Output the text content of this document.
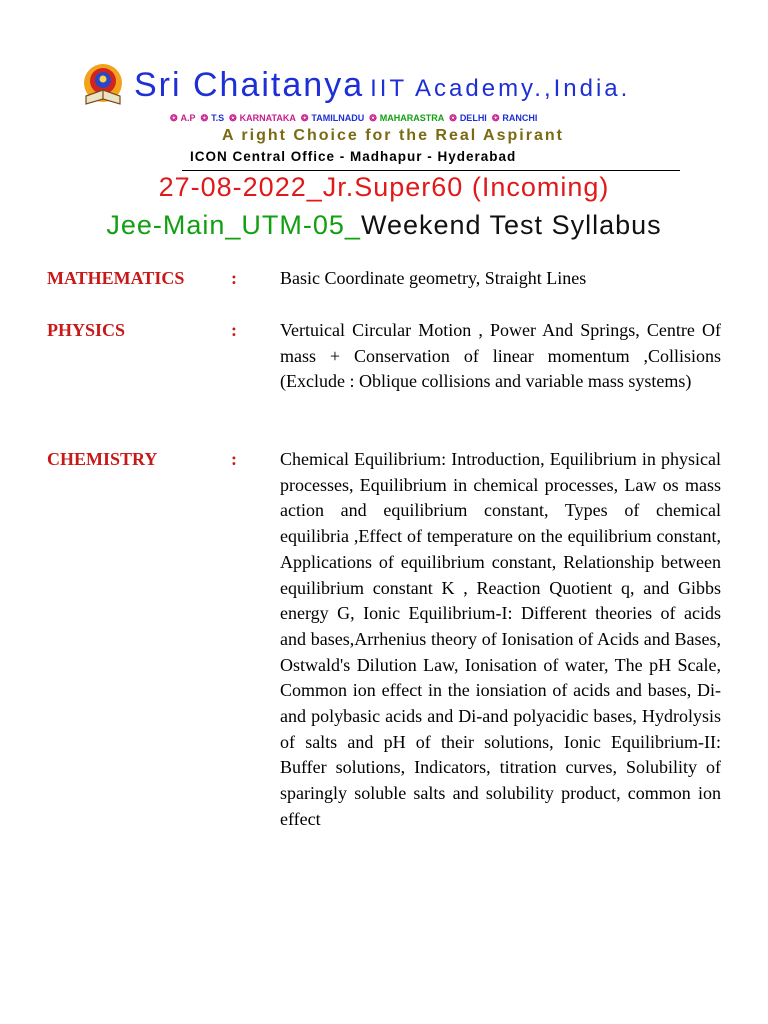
Sri Chaitanya IIT Academy.,India.
❂ A.P ❂ T.S ❂ KARNATAKA ❂ TAMILNADU ❂ MAHARASTRA ❂ DELHI ❂ RANCHI
A right Choice for the Real Aspirant
ICON Central Office - Madhapur - Hyderabad
27-08-2022_Jr.Super60 (Incoming)
Jee-Main_UTM-05_Weekend Test Syllabus
MATHEMATICS	: Basic Coordinate geometry, Straight Lines
PHYSICS	: Vertuical Circular Motion , Power And Springs, Centre Of mass + Conservation of linear momentum ,Collisions (Exclude : Oblique collisions and variable mass systems)
CHEMISTRY	: Chemical Equilibrium: Introduction, Equilibrium in physical processes, Equilibrium in chemical processes, Law os mass action and equilibrium constant, Types of chemical equilibria ,Effect of temperature on the equilibrium constant, Applications of equilibrium constant, Relationship between equilibrium constant K , Reaction Quotient q, and Gibbs energy G, Ionic Equilibrium-I: Different theories of acids and bases,Arrhenius theory of Ionisation of Acids and Bases, Ostwald's Dilution Law, Ionisation of water, The pH Scale, Common ion effect in the ionsiation of acids and bases, Di-and polybasic acids and Di-and polyacidic bases, Hydrolysis of salts and pH of their solutions, Ionic Equilibrium-II: Buffer solutions, Indicators, titration curves, Solubility of sparingly soluble salts and solubility product, common ion effect
